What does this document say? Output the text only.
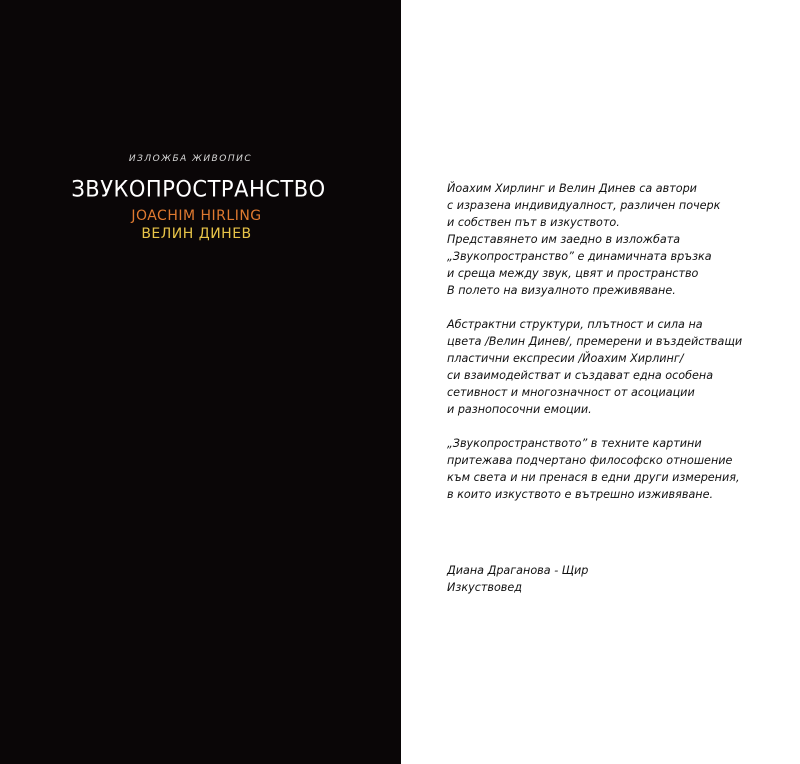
ИЗЛОЖБА ЖИВОПИС
ЗВУКОПРОСТРАНСТВО
JOACHIM HIRLING
ВЕЛИН ДИНЕВ
Йоахим Хирлинг и Велин Динев са автори
с изразена индивидуалност, различен почерк
и собствен път в изкуството.
Представянето им заедно в изложбата
„Звукопространство” е динамичната връзка
и среща между звук, цвят и пространство
В полето на визуалното преживяване.
Абстрактни структури, плътност и сила на
цвета /Велин Динев/, премерени и въздействащи
пластични експресии /Йоахим Хирлинг/
си взаимодействат и създават една особена
сетивност и многозначност от асоциации
и разнопосочни емоции.
„Звукопространството” в техните картини
притежава подчертано философско отношение
към света и ни пренася в едни други измерения,
в които изкуството е вътрешно изживяване.
Диана Драганова - Щир
Изкуствовед
